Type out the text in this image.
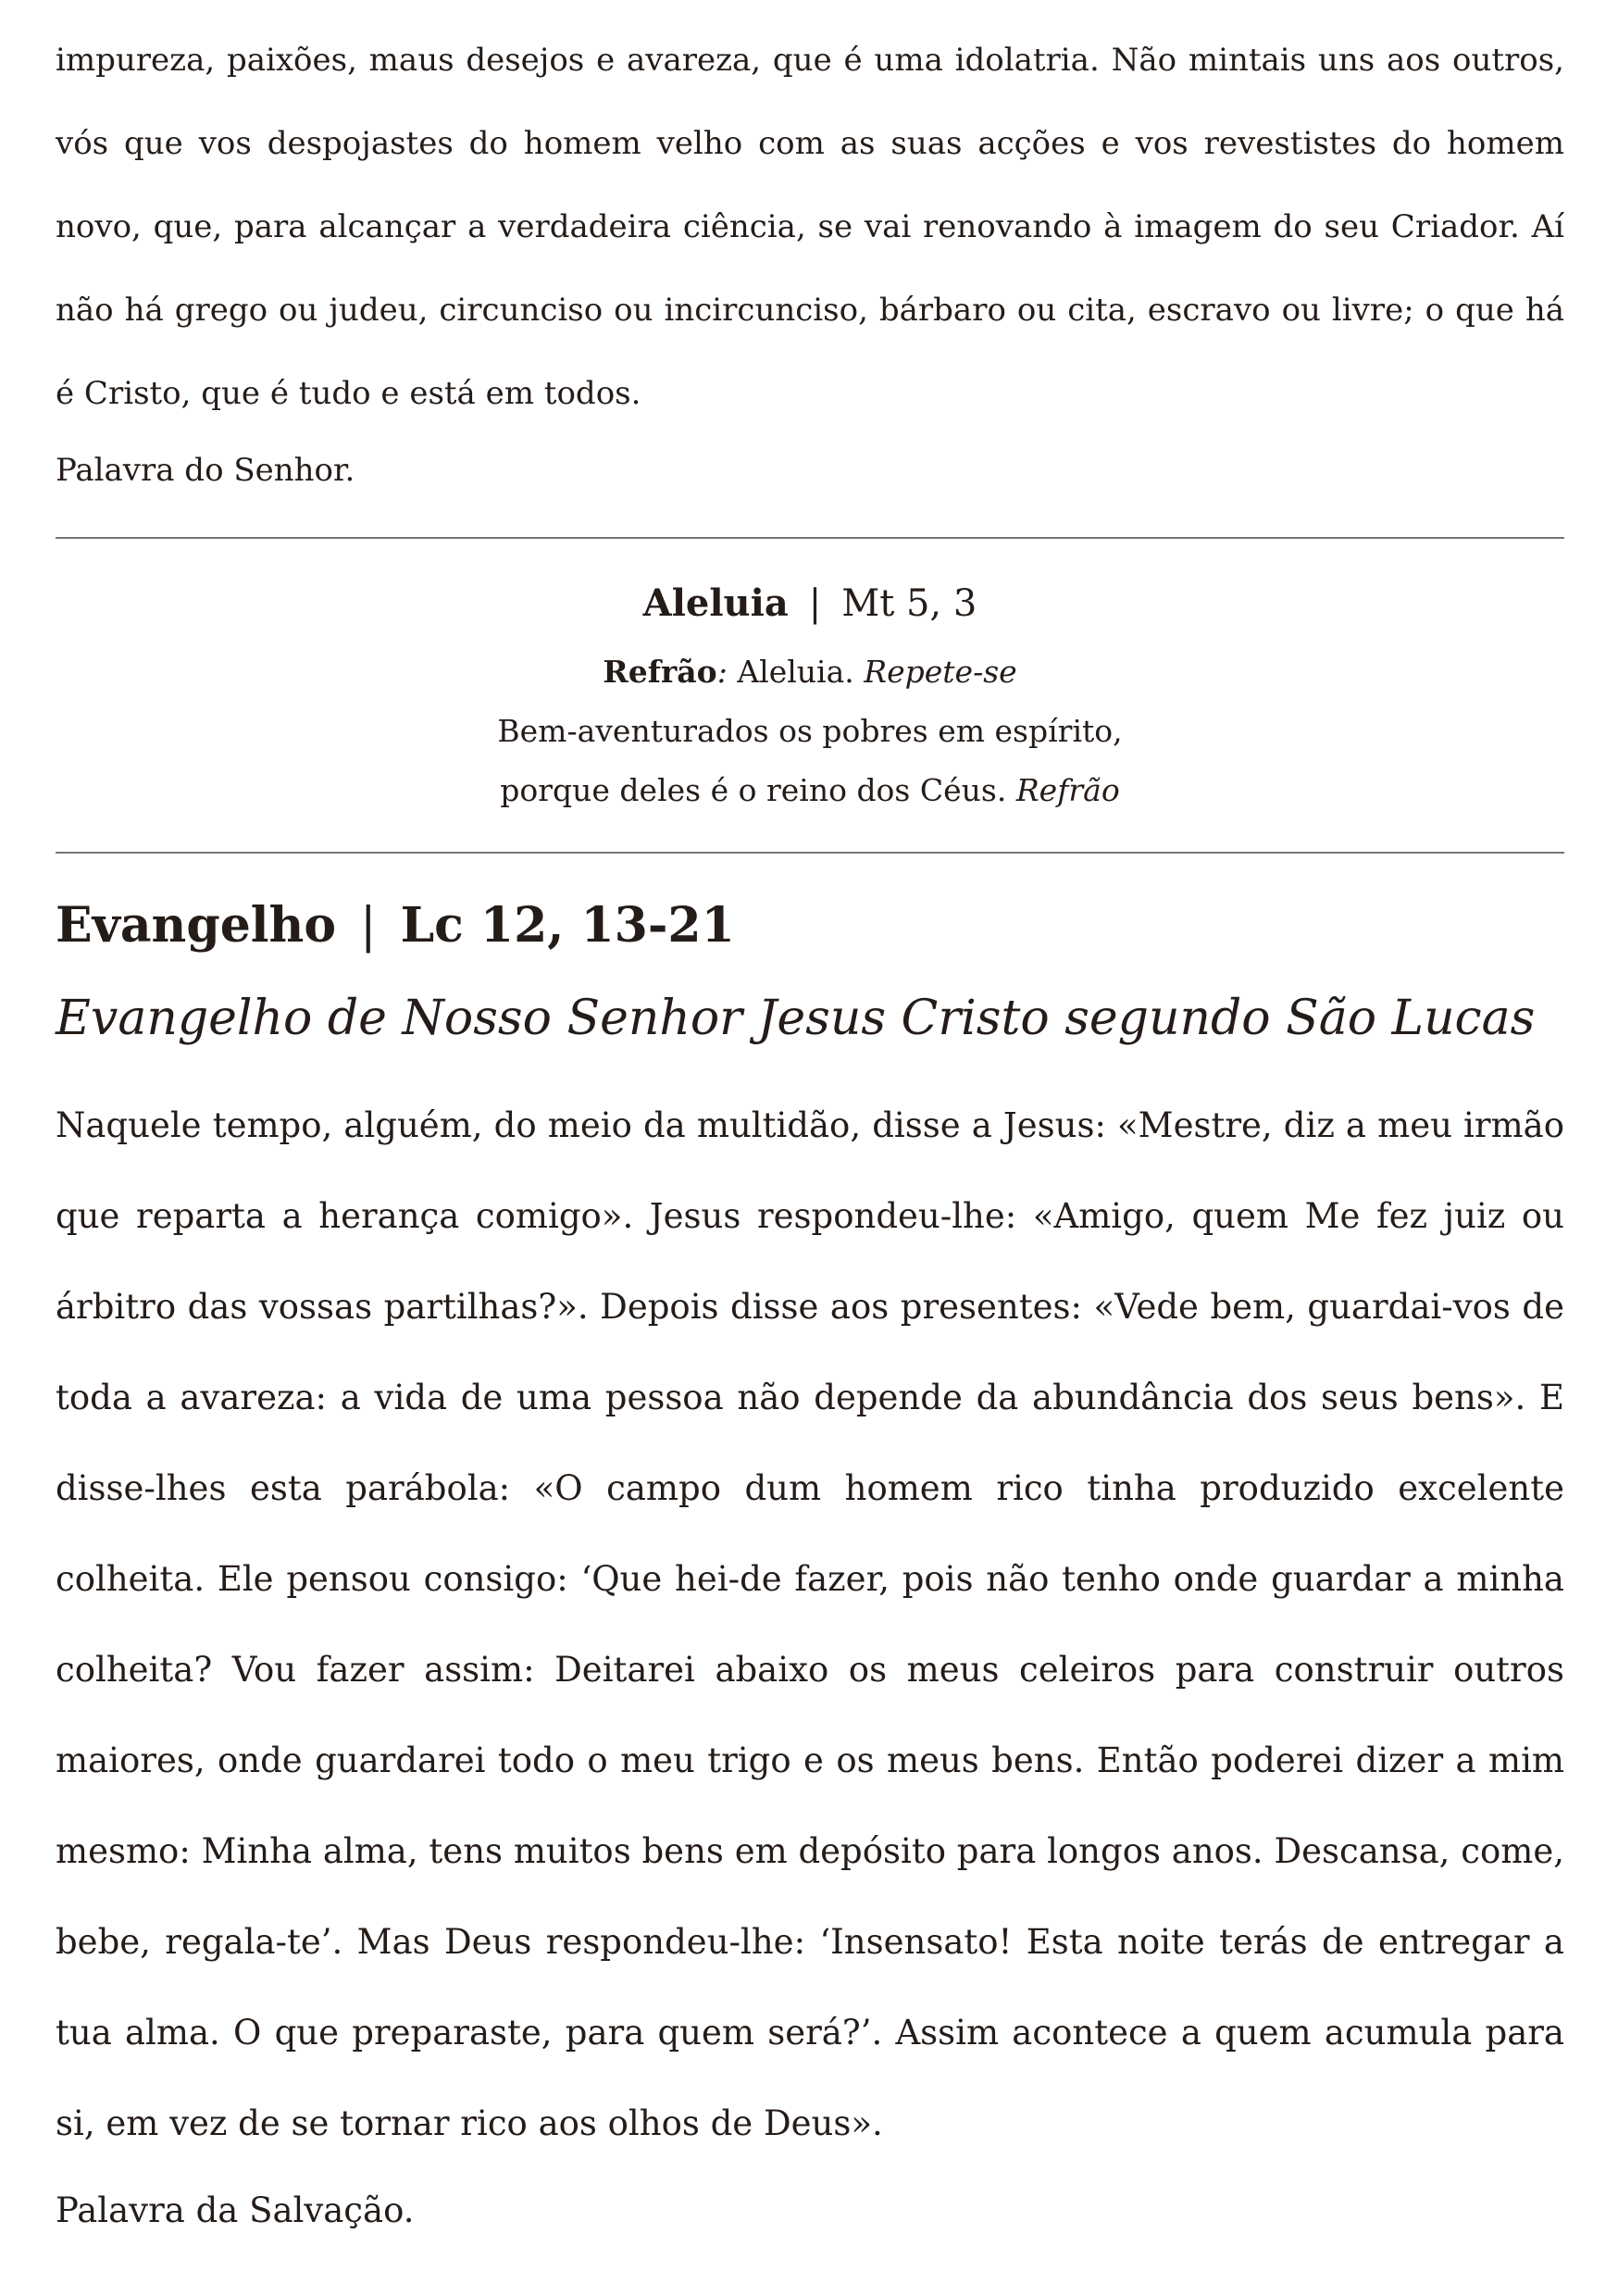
impureza, paixões, maus desejos e avareza, que é uma idolatria. Não mintais uns aos outros, vós que vos despojastes do homem velho com as suas acções e vos revestistes do homem novo, que, para alcançar a verdadeira ciência, se vai renovando à imagem do seu Criador. Aí não há grego ou judeu, circunciso ou incircunciso, bárbaro ou cita, escravo ou livre; o que há é Cristo, que é tudo e está em todos.

Palavra do Senhor.

Aleluia | Mt 5, 3
Refrão: Aleluia. Repete-se
Bem-aventurados os pobres em espírito,
porque deles é o reino dos Céus. Refrão
Evangelho | Lc 12, 13-21

Evangelho de Nosso Senhor Jesus Cristo segundo São Lucas

Naquele tempo, alguém, do meio da multidão, disse a Jesus: «Mestre, diz a meu irmão que reparta a herança comigo». Jesus respondeu-lhe: «Amigo, quem Me fez juiz ou árbitro das vossas partilhas?». Depois disse aos presentes: «Vede bem, guardai-vos de toda a avareza: a vida de uma pessoa não depende da abundância dos seus bens». E disse-lhes esta parábola: «O campo dum homem rico tinha produzido excelente colheita. Ele pensou consigo: ‘Que hei-de fazer, pois não tenho onde guardar a minha colheita? Vou fazer assim: Deitarei abaixo os meus celeiros para construir outros maiores, onde guardarei todo o meu trigo e os meus bens. Então poderei dizer a mim mesmo: Minha alma, tens muitos bens em depósito para longos anos. Descansa, come, bebe, regala-te’. Mas Deus respondeu-lhe: ‘Insensato! Esta noite terás de entregar a tua alma. O que preparaste, para quem será?’. Assim acontece a quem acumula para si, em vez de se tornar rico aos olhos de Deus».

Palavra da Salvação.
